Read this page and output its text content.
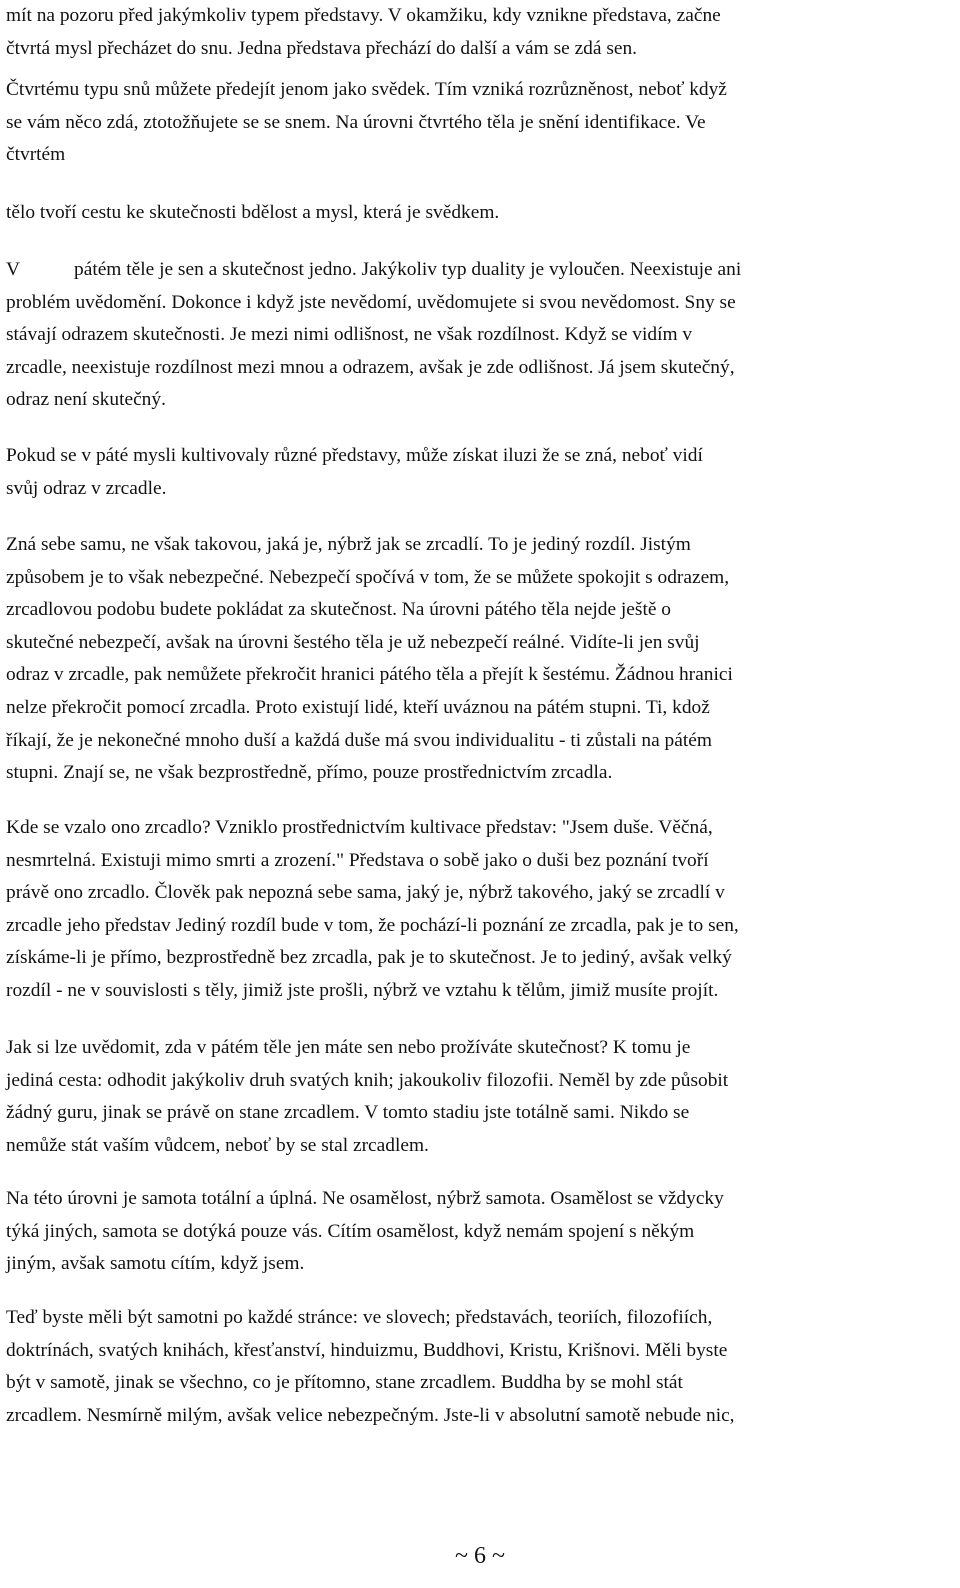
mít na pozoru před jakýmkoliv typem představy. V okamžiku, kdy vznikne představa, začne
čtvrtá mysl přecházet do snu. Jedna představa přechází do další a vám se zdá sen.
Čtvrtému typu snů můžete předejít jenom jako svědek. Tím vzniká rozrůzněnost, neboť když
se vám něco zdá, ztotožňujete se se snem. Na úrovni čtvrtého těla je snění identifikace. Ve
čtvrtém
tělo tvoří cestu ke skutečnosti bdělost a mysl, která je svědkem.
V	pátém těle je sen a skutečnost jedno. Jakýkoliv typ duality je vyloučen. Neexistuje ani
problém uvědomění. Dokonce i když jste nevědomí, uvědomujete si svou nevědomost. Sny se
stávají odrazem skutečnosti. Je mezi nimi odlišnost, ne však rozdílnost. Když se vidím v
zrcadle, neexistuje rozdílnost mezi mnou a odrazem, avšak je zde odlišnost. Já jsem skutečný,
odraz není skutečný.
Pokud se v páté mysli kultivovaly různé představy, může získat iluzi že se zná, neboť vidí
svůj odraz v zrcadle.
Zná sebe samu, ne však takovou, jaká je, nýbrž jak se zrcadlí. To je jediný rozdíl. Jistým
způsobem je to však nebezpečné. Nebezpečí spočívá v tom, že se můžete spokojit s odrazem,
zrcadlovou podobu budete pokládat za skutečnost. Na úrovni pátého těla nejde ještě o
skutečné nebezpečí, avšak na úrovni šestého těla je už nebezpečí reálné. Vidíte-li jen svůj
odraz v zrcadle, pak nemůžete překročit hranici pátého těla a přejít k šestému. Žádnou hranici
nelze překročit pomocí zrcadla. Proto existují lidé, kteří uváznou na pátém stupni. Ti, kdož
říkají, že je nekonečné mnoho duší a každá duše má svou individualitu - ti zůstali na pátém
stupni. Znají se, ne však bezprostředně, přímo, pouze prostřednictvím zrcadla.
Kde se vzalo ono zrcadlo? Vzniklo prostřednictvím kultivace představ: "Jsem duše. Věčná,
nesmrtelná. Existuji mimo smrti a zrození." Představa o sobě jako o duši bez poznání tvoří
právě ono zrcadlo. Člověk pak nepozná sebe sama, jaký je, nýbrž takového, jaký se zrcadlí v
zrcadle jeho představ Jediný rozdíl bude v tom, že pochází-li poznání ze zrcadla, pak je to sen,
získáme-li je přímo, bezprostředně bez zrcadla, pak je to skutečnost. Je to jediný, avšak velký
rozdíl - ne v souvislosti s těly, jimiž jste prošli, nýbrž ve vztahu k tělům, jimiž musíte projít.
Jak si lze uvědomit, zda v pátém těle jen máte sen nebo prožíváte skutečnost? K tomu je
jediná cesta: odhodit jakýkoliv druh svatých knih; jakoukoliv filozofii. Neměl by zde působit
žádný guru, jinak se právě on stane zrcadlem. V tomto stadiu jste totálně sami. Nikdo se
nemůže stát vaším vůdcem, neboť by se stal zrcadlem.
Na této úrovni je samota totální a úplná. Ne osamělost, nýbrž samota. Osamělost se vždycky
týká jiných, samota se dotýká pouze vás. Cítím osamělost, když nemám spojení s někým
jiným, avšak samotu cítím, když jsem.
Teď byste měli být samotni po každé stránce: ve slovech; představách, teoriích, filozofiích,
doktrínách, svatých knihách, křesťanství, hinduizmu, Buddhovi, Kristu, Krišnovi. Měli byste
být v samotě, jinak se všechno, co je přítomno, stane zrcadlem. Buddha by se mohl stát
zrcadlem. Nesmírně milým, avšak velice nebezpečným. Jste-li v absolutní samotě nebude nic,
~ 6 ~
